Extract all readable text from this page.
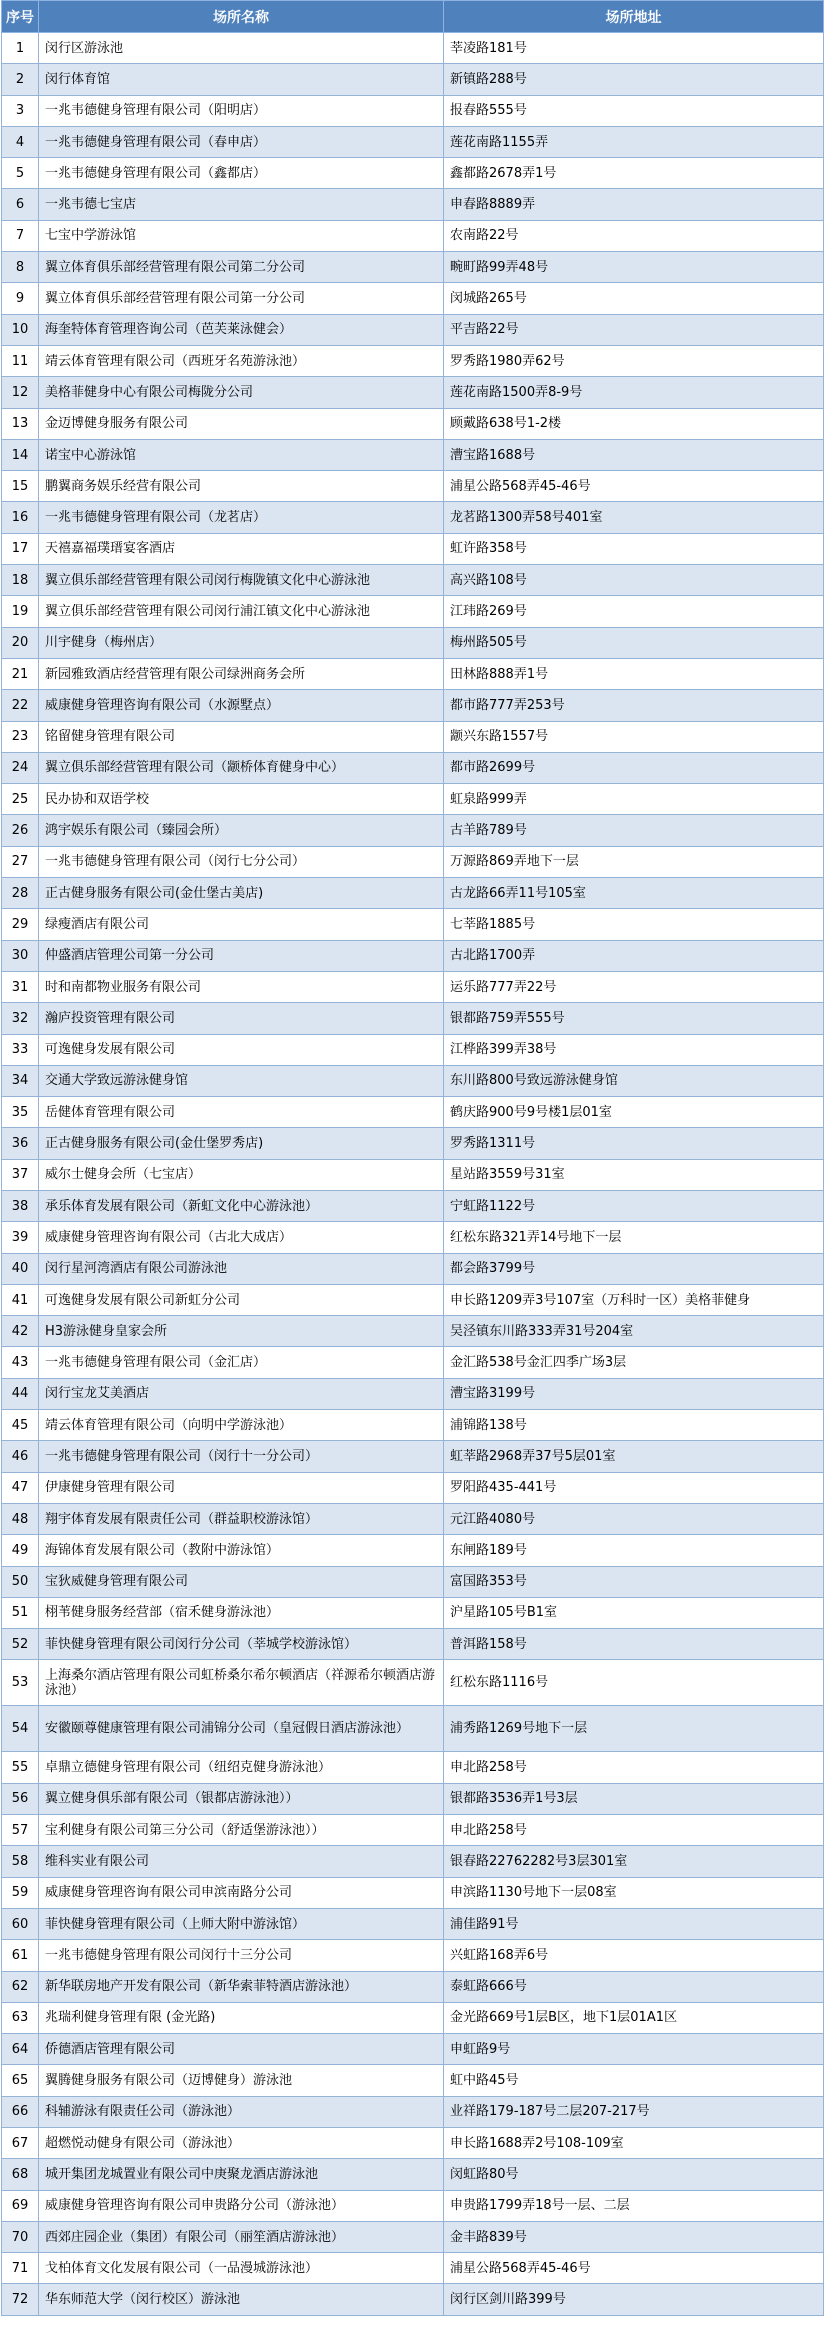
序号	场所名称	场所地址
1	闵行区游泳池	莘凌路181号
2	闵行体育馆	新镇路288号
3	一兆韦德健身管理有限公司（阳明店）	报春路555号
4	一兆韦德健身管理有限公司（春申店）	莲花南路1155弄
5	一兆韦德健身管理有限公司（鑫都店）	鑫都路2678弄1号
6	一兆韦德七宝店	申春路8889弄
7	七宝中学游泳馆	农南路22号
8	翼立体育俱乐部经营管理有限公司第二分公司	畹町路99弄48号
9	翼立体育俱乐部经营管理有限公司第一分公司	闵城路265号
10	海奎特体育管理咨询公司（芭芙莱泳健会）	平吉路22号
11	靖云体育管理有限公司（西班牙名苑游泳池）	罗秀路1980弄62号
12	美格菲健身中心有限公司梅陇分公司	莲花南路1500弄8-9号
13	金迈博健身服务有限公司	顾戴路638号1-2楼
14	诺宝中心游泳馆	漕宝路1688号
15	鹏翼商务娱乐经营有限公司	浦星公路568弄45-46号
16	一兆韦德健身管理有限公司（龙茗店）	龙茗路1300弄58号401室
17	天禧嘉福璞瑨宴客酒店	虹许路358号
18	翼立俱乐部经营管理有限公司闵行梅陇镇文化中心游泳池	高兴路108号
19	翼立俱乐部经营管理有限公司闵行浦江镇文化中心游泳池	江玮路269号
20	川宇健身（梅州店）	梅州路505号
21	新园雅致酒店经营管理有限公司绿洲商务会所	田林路888弄1号
22	威康健身管理咨询有限公司（水源墅点）	都市路777弄253号
23	铭留健身管理有限公司	颛兴东路1557号
24	翼立俱乐部经营管理有限公司（颛桥体育健身中心）	都市路2699号
25	民办协和双语学校	虹泉路999弄
26	鸿宇娱乐有限公司（臻园会所）	古羊路789号
27	一兆韦德健身管理有限公司（闵行七分公司）	万源路869弄地下一层
28	正古健身服务有限公司(金仕堡古美店)	古龙路66弄11号105室
29	绿瘦酒店有限公司	七莘路1885号
30	仲盛酒店管理公司第一分公司	古北路1700弄
31	时和南都物业服务有限公司	运乐路777弄22号
32	瀚庐投资管理有限公司	银都路759弄555号
33	可逸健身发展有限公司	江桦路399弄38号
34	交通大学致远游泳健身馆	东川路800号致远游泳健身馆
35	岳健体育管理有限公司	鹤庆路900号9号楼1层01室
36	正古健身服务有限公司(金仕堡罗秀店)	罗秀路1311号
37	威尔士健身会所（七宝店）	星站路3559号31室
38	承乐体育发展有限公司（新虹文化中心游泳池）	宁虹路1122号
39	威康健身管理咨询有限公司（古北大成店）	红松东路321弄14号地下一层
40	闵行星河湾酒店有限公司游泳池	都会路3799号
41	可逸健身发展有限公司新虹分公司	申长路1209弄3号107室（万科时一区）美格菲健身
42	H3游泳健身皇家会所	吴泾镇东川路333弄31号204室
43	一兆韦德健身管理有限公司（金汇店）	金汇路538号金汇四季广场3层
44	闵行宝龙艾美酒店	漕宝路3199号
45	靖云体育管理有限公司（向明中学游泳池）	浦锦路138号
46	一兆韦德健身管理有限公司（闵行十一分公司）	虹莘路2968弄37号5层01室
47	伊康健身管理有限公司	罗阳路435-441号
48	翔宇体育发展有限责任公司（群益职校游泳馆）	元江路4080号
49	海锦体育发展有限公司（教附中游泳馆）	东闸路189号
50	宝狄威健身管理有限公司	富国路353号
51	栩苇健身服务经营部（宿禾健身游泳池）	沪星路105号B1室
52	菲快健身管理有限公司闵行分公司（莘城学校游泳馆）	普洱路158号
53	上海桑尔酒店管理有限公司虹桥桑尔希尔顿酒店（祥源希尔顿酒店游泳池）	红松东路1116号
54	安徽颐尊健康管理有限公司浦锦分公司（皇冠假日酒店游泳池）	浦秀路1269号地下一层
55	卓鼎立德健身管理有限公司（纽绍克健身游泳池）	申北路258号
56	翼立健身俱乐部有限公司（银都店游泳池））	银都路3536弄1号3层
57	宝利健身有限公司第三分公司（舒适堡游泳池））	申北路258号
58	维科实业有限公司	银春路22762282号3层301室
59	威康健身管理咨询有限公司申滨南路分公司	申滨路1130号地下一层08室
60	菲快健身管理有限公司（上师大附中游泳馆）	浦佳路91号
61	一兆韦德健身管理有限公司闵行十三分公司	兴虹路168弄6号
62	新华联房地产开发有限公司（新华索菲特酒店游泳池）	泰虹路666号
63	兆瑞利健身管理有限 (金光路)	金光路669号1层B区，地下1层01A1区
64	侨德酒店管理有限公司	申虹路9号
65	翼腾健身服务有限公司（迈博健身）游泳池	虹中路45号
66	科辅游泳有限责任公司（游泳池）	业祥路179-187号二层207-217号
67	超燃悦动健身有限公司（游泳池）	申长路1688弄2号108-109室
68	城开集团龙城置业有限公司中庚聚龙酒店游泳池	闵虹路80号
69	威康健身管理咨询有限公司申贵路分公司（游泳池）	申贵路1799弄18号一层、二层
70	西郊庄园企业（集团）有限公司（丽笙酒店游泳池）	金丰路839号
71	戈柏体育文化发展有限公司（一品漫城游泳池）	浦星公路568弄45-46号
72	华东师范大学（闵行校区）游泳池	闵行区剑川路399号
